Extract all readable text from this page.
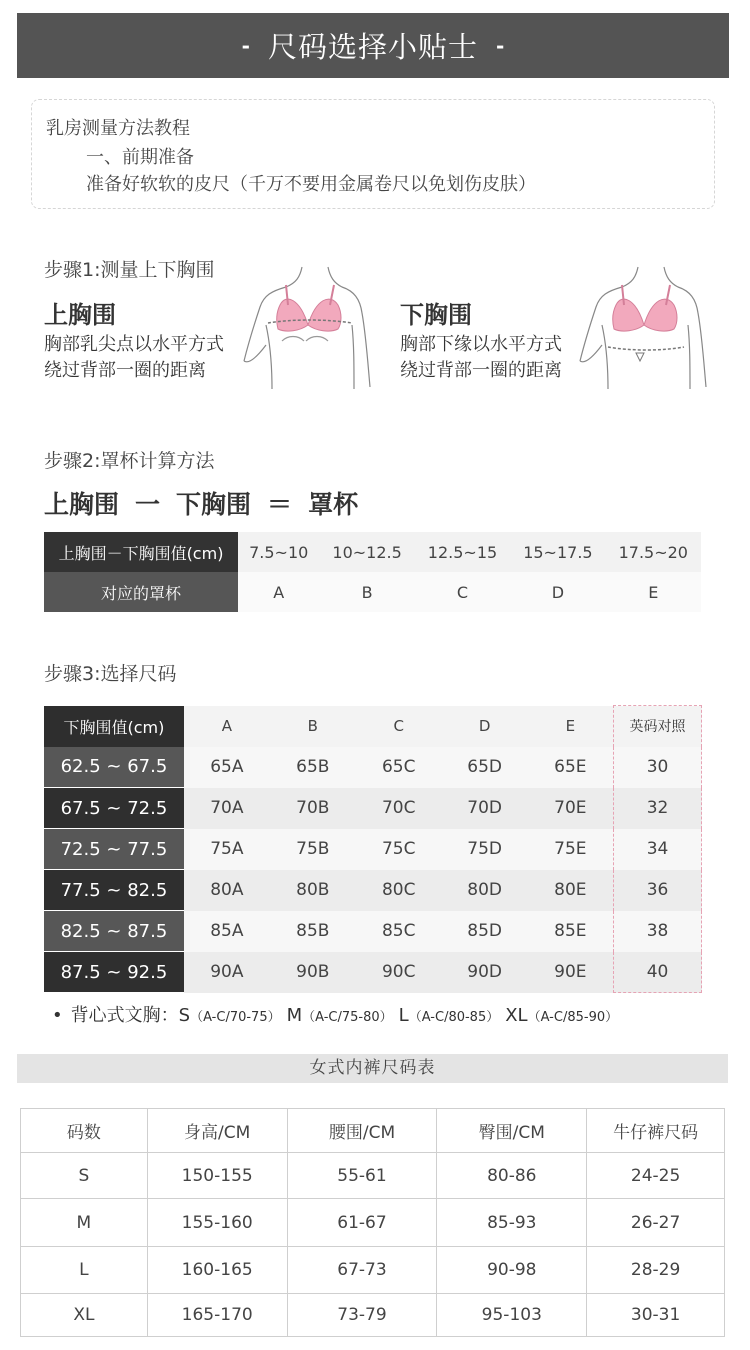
- 尺码选择小贴士 -
乳房测量方法教程
一、前期准备
准备好软软的皮尺（千万不要用金属卷尺以免划伤皮肤）
步骤1:测量上下胸围
上胸围
胸部乳尖点以水平方式
绕过背部一圈的距离
下胸围
胸部下缘以水平方式
绕过背部一圈的距离
步骤2:罩杯计算方法
上胸围 一 下胸围 ＝ 罩杯
上胸围－下胸围值(cm)	7.5~10	10~12.5	12.5~15	15~17.5	17.5~20
对应的罩杯	A	B	C	D	E
步骤3:选择尺码
下胸围值(cm)	A	B	C	D	E	英码对照
62.5 ~ 67.5	65A	65B	65C	65D	65E	30
67.5 ~ 72.5	70A	70B	70C	70D	70E	32
72.5 ~ 77.5	75A	75B	75C	75D	75E	34
77.5 ~ 82.5	80A	80B	80C	80D	80E	36
82.5 ~ 87.5	85A	85B	85C	85D	85E	38
87.5 ~ 92.5	90A	90B	90C	90D	90E	40
• 背心式文胸： S （A-C/70-75） M （A-C/75-80） L （A-C/80-85） XL （A-C/85-90）
女式内裤尺码表
码数	身高/CM	腰围/CM	臀围/CM	牛仔裤尺码
S	150-155	55-61	80-86	24-25
M	155-160	61-67	85-93	26-27
L	160-165	67-73	90-98	28-29
XL	165-170	73-79	95-103	30-31
